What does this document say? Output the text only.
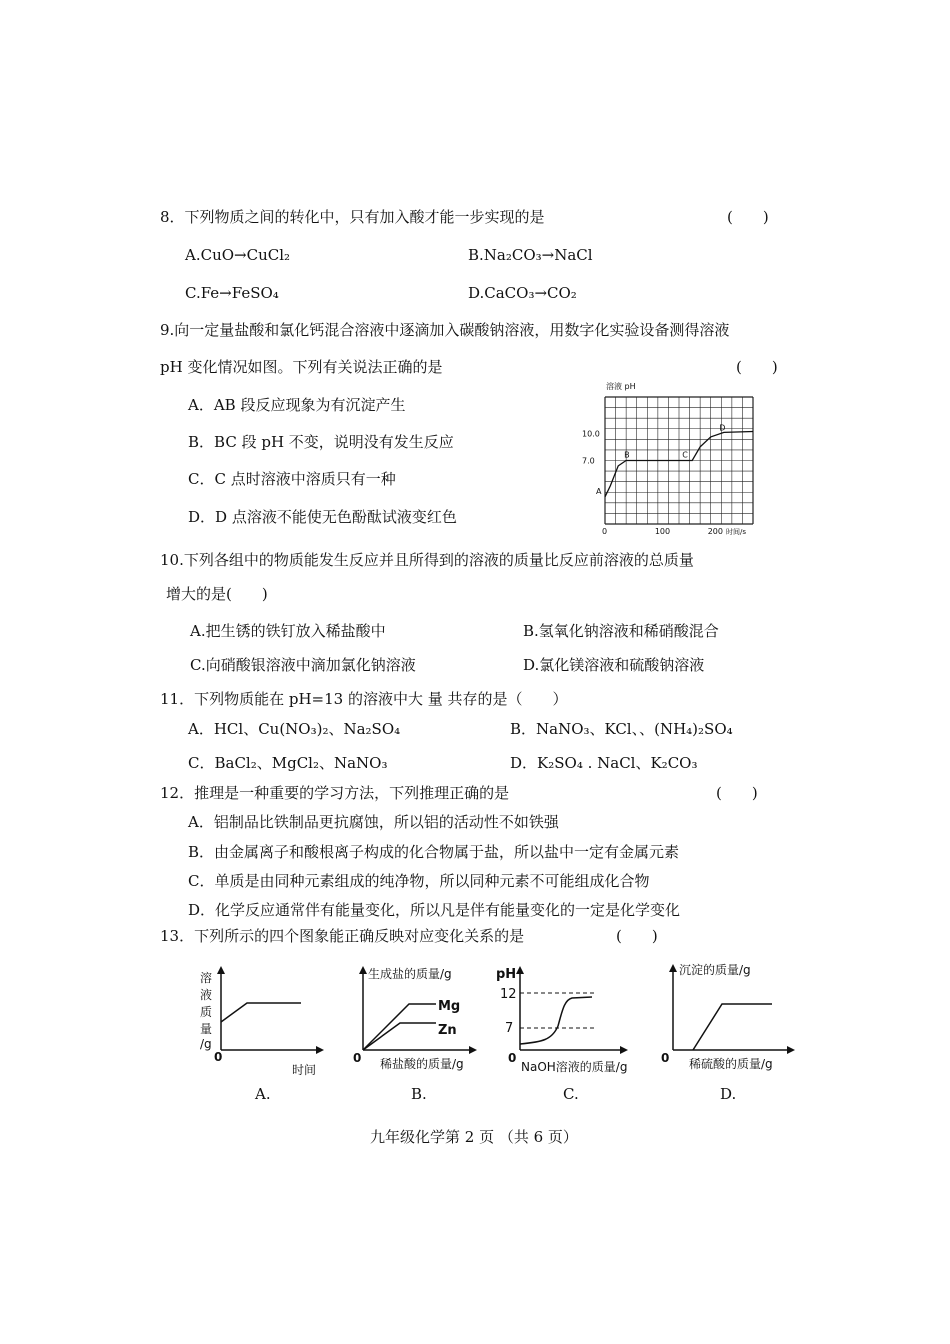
8．下列物质之间的转化中，只有加入酸才能一步实现的是	(　　)
A.CuO→CuCl₂	B.Na₂CO₃→NaCl
C.Fe→FeSO₄	D.CaCO₃→CO₂
9.向一定量盐酸和氯化钙混合溶液中逐滴加入碳酸钠溶液，用数字化实验设备测得溶液
pH 变化情况如图。下列有关说法正确的是	(　　)
A．AB 段反应现象为有沉淀产生
B．BC 段 pH 不变，说明没有发生反应
C．C 点时溶液中溶质只有一种
D．D 点溶液不能使无色酚酞试液变红色
溶液 pH
0	100	200
7.0
10.0
A
B	C
D
时间/s
10.下列各组中的物质能发生反应并且所得到的溶液的质量比反应前溶液的总质量
增大的是(　　)
A.把生锈的铁钉放入稀盐酸中	B.氢氧化钠溶液和稀硝酸混合
C.向硝酸银溶液中滴加氯化钠溶液	D.氯化镁溶液和硫酸钠溶液
11．下列物质能在 pH=13 的溶液中大 量 共存的是（　　）
A．HCl、Cu(NO₃)₂、Na₂SO₄	B．NaNO₃、KCl、、(NH₄)₂SO₄
C．BaCl₂、MgCl₂、NaNO₃	D．K₂SO₄ . NaCl、K₂CO₃
12．推理是一种重要的学习方法，下列推理正确的是	(　　)
A．铝制品比铁制品更抗腐蚀，所以铝的活动性不如铁强
B．由金属离子和酸根离子构成的化合物属于盐，所以盐中一定有金属元素
C．单质是由同种元素组成的纯净物，所以同种元素不可能组成化合物
D．化学反应通常伴有能量变化，所以凡是伴有能量变化的一定是化学变化
13．下列所示的四个图象能正确反映对应变化关系的是	(　　)
溶
液
质
量
/g
0
时间
生成盐的质量/g
Mg
Zn
0 稀盐酸的质量/g
pH
12
7
0
NaOH溶液的质量/g
沉淀的质量/g
0 稀硫酸的质量/g
A.	B.	C.	D.
九年级化学第 2 页 （共 6 页）
